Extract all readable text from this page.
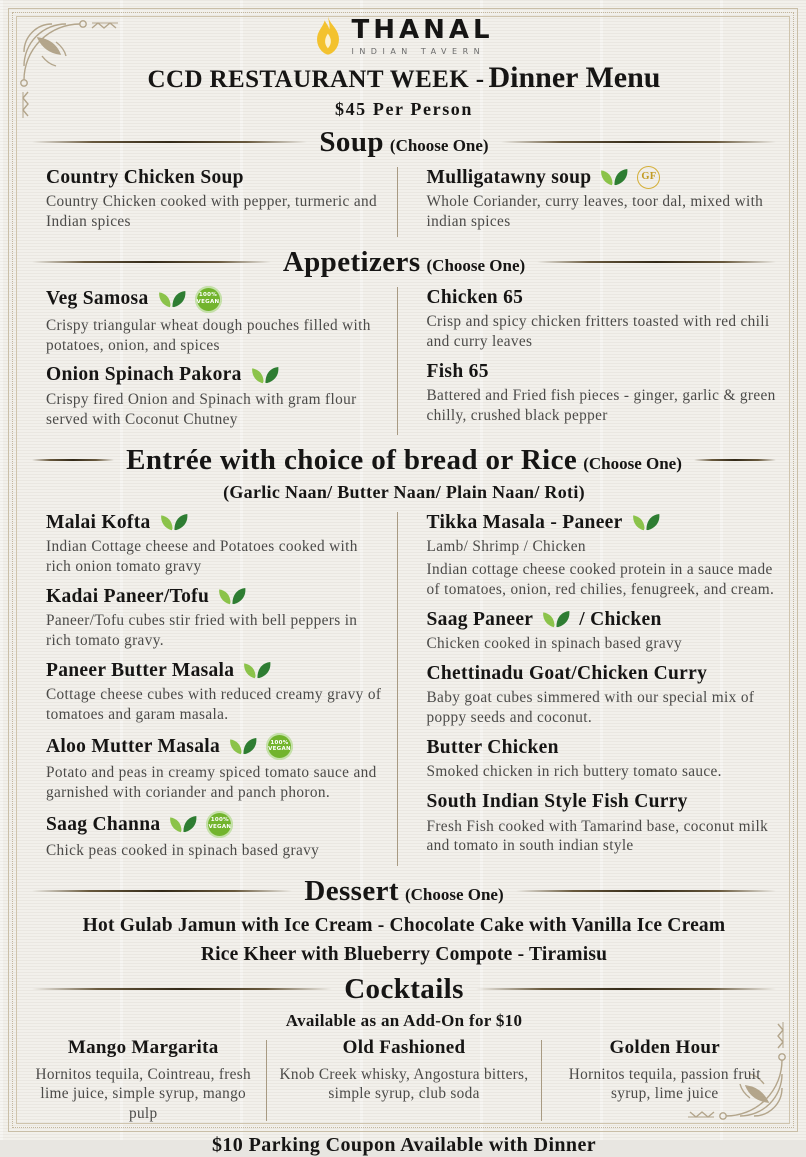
THANAL
INDIAN TAVERN
CCD RESTAURANT WEEK - Dinner Menu
$45 Per Person
Soup (Choose One)
Country Chicken Soup
Country Chicken cooked with pepper, turmeric and Indian spices
Mulligatawny soup	GF
Whole Coriander, curry leaves, toor dal, mixed with indian spices
Appetizers (Choose One)
Veg Samosa	100%
VEGAN
Crispy triangular wheat dough pouches filled with potatoes, onion, and spices
Onion Spinach Pakora
Crispy fired Onion and Spinach with gram flour served with Coconut Chutney
Chicken 65
Crisp and spicy chicken fritters toasted with red chili and curry leaves
Fish 65
Battered and Fried fish pieces - ginger, garlic & green chilly, crushed black pepper
Entrée with choice of bread or Rice (Choose One)
(Garlic Naan/ Butter Naan/ Plain Naan/ Roti)
Malai Kofta
Indian Cottage cheese and Potatoes cooked with rich onion tomato gravy
Kadai Paneer/Tofu
Paneer/Tofu cubes stir fried with bell peppers in rich tomato gravy.
Paneer Butter Masala
Cottage cheese cubes with reduced creamy gravy of tomatoes and garam masala.
Aloo Mutter Masala	100%
VEGAN
Potato and peas in creamy spiced tomato sauce and garnished with coriander and panch phoron.
Saag Channa	100%
VEGAN
Chick peas cooked in spinach based gravy
Tikka Masala - Paneer
Lamb/ Shrimp / Chicken
Indian cottage cheese cooked protein in a sauce made of tomatoes, onion, red chilies, fenugreek, and cream.
Saag Paneer / Chicken
Chicken cooked in spinach based gravy
Chettinadu Goat/Chicken Curry
Baby goat cubes simmered with our special mix of poppy seeds and coconut.
Butter Chicken
Smoked chicken in rich buttery tomato sauce.
South Indian Style Fish Curry
Fresh Fish cooked with Tamarind base, coconut milk and tomato in south indian style
Dessert (Choose One)
Hot Gulab Jamun with Ice Cream - Chocolate Cake with Vanilla Ice Cream
Rice Kheer with Blueberry Compote - Tiramisu
Cocktails
Available as an Add-On for $10
Mango Margarita
Hornitos tequila, Cointreau, fresh lime juice, simple syrup, mango pulp
Old Fashioned
Knob Creek whisky, Angostura bitters, simple syrup, club soda
Golden Hour
Hornitos tequila, passion fruit syrup, lime juice
$10 Parking Coupon Available with Dinner
